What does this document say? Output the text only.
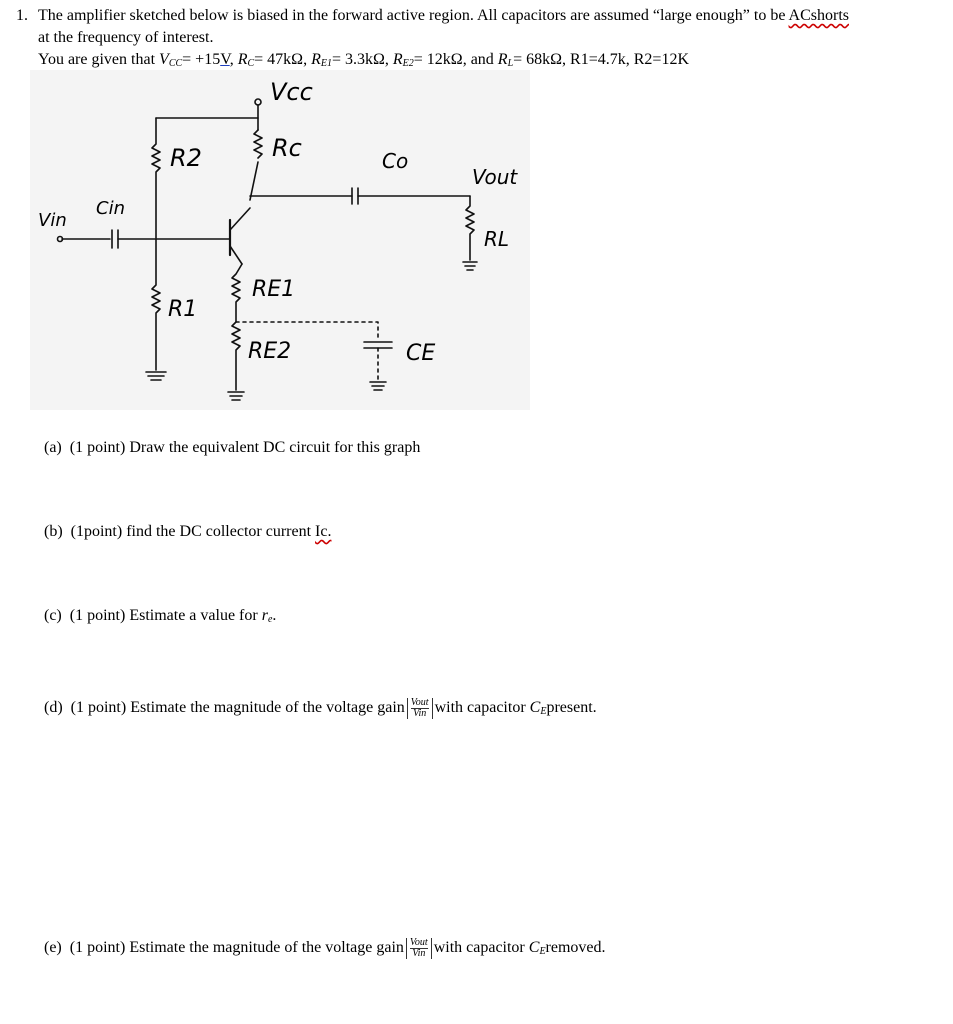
1. The amplifier sketched below is biased in the forward active region. All capacitors are assumed “large enough” to be ACshorts
at the frequency of interest.
You are given that $V_{CC}= +15V$, $R_C= 47k\Omega$, $R_{E1}= 3.3k\Omega$, $R_{E2}= 12k\Omega$, and $R_L= 68k\Omega$, R1=4.7k, R2=12K
Vcc
Rc
R2	Co
Vout
RL
Cin
Vin
R1
RE1
RE2	CE
(a) (1 point) Draw the equivalent DC circuit for this graph
(b) (1point) find the DC collector current Ic.
(c) (1 point) Estimate a value for $r_e$.
(d) (1 point) Estimate the magnitude of the voltage gain $\frac{\text{Vout}}{\text{Vin}}$ with capacitor $C_Epresent$.
(e) (1 point) Estimate the magnitude of the voltage gain $\frac{\text{Vout}}{\text{Vin}}$ with capacitor $C_Eremoved$.
